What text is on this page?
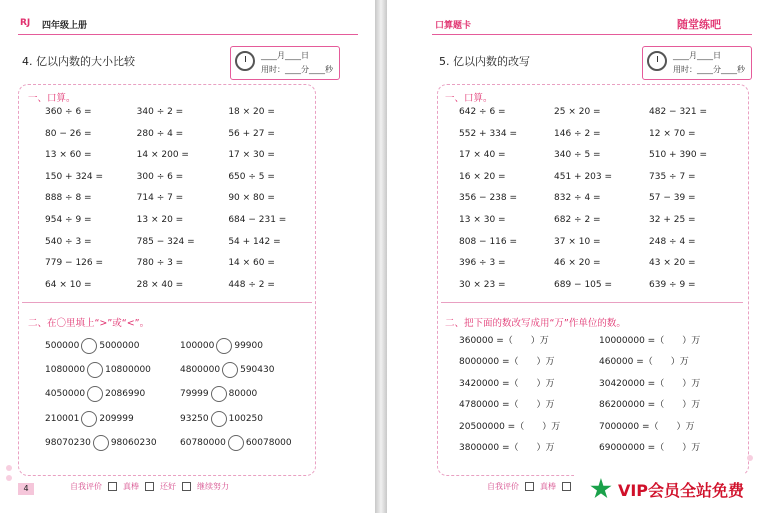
RJ 四年级上册
4. 亿以内数的大小比较	____月____日
用时：____分____秒
一、口算。
360 ÷ 6 =	340 ÷ 2 =	18 × 20 =
80 − 26 =	280 ÷ 4 =	56 + 27 =
13 × 60 =	14 × 200 =	17 × 30 =
150 + 324 =	300 ÷ 6 =	650 ÷ 5 =
888 ÷ 8 =	714 ÷ 7 =	90 × 80 =
954 ÷ 9 =	13 × 20 =	684 − 231 =
540 ÷ 3 =	785 − 324 =	54 + 142 =
779 − 126 =	780 ÷ 3 =	14 × 60 =
64 × 10 =	28 × 40 =	448 ÷ 2 =
二、在〇里填上“>”或“<”。
500000 5000000	100000 99900
1080000 10800000	4800000 590430
4050000 2086990	79999 80000
210001 209999	93250 100250
98070230 98060230	60780000 60078000
4	自我评价	真棒	还好	继续努力
口算题卡	随堂练吧
5. 亿以内数的改写	____月____日
用时：____分____秒
一、口算。
642 ÷ 6 =	25 × 20 =	482 − 321 =
552 + 334 =	146 ÷ 2 =	12 × 70 =
17 × 40 =	340 ÷ 5 =	510 + 390 =
16 × 20 =	451 + 203 =	735 ÷ 7 =
356 − 238 =	832 ÷ 4 =	57 − 39 =
13 × 30 =	682 ÷ 2 =	32 + 25 =
808 − 116 =	37 × 10 =	248 ÷ 4 =
396 ÷ 3 =	46 × 20 =	43 × 20 =
30 × 23 =	689 − 105 =	639 ÷ 9 =
二、把下面的数改写成用“万”作单位的数。
360000 =（　　）万	10000000 =（　　）万
8000000 =（　　）万	460000 =（　　）万
3420000 =（　　）万	30420000 =（　　）万
4780000 =（　　）万	86200000 =（　　）万
20500000 =（　　）万	7000000 =（　　）万
3800000 =（　　）万	69000000 =（　　）万
自我评价	真棒	VIP会员全站免费
